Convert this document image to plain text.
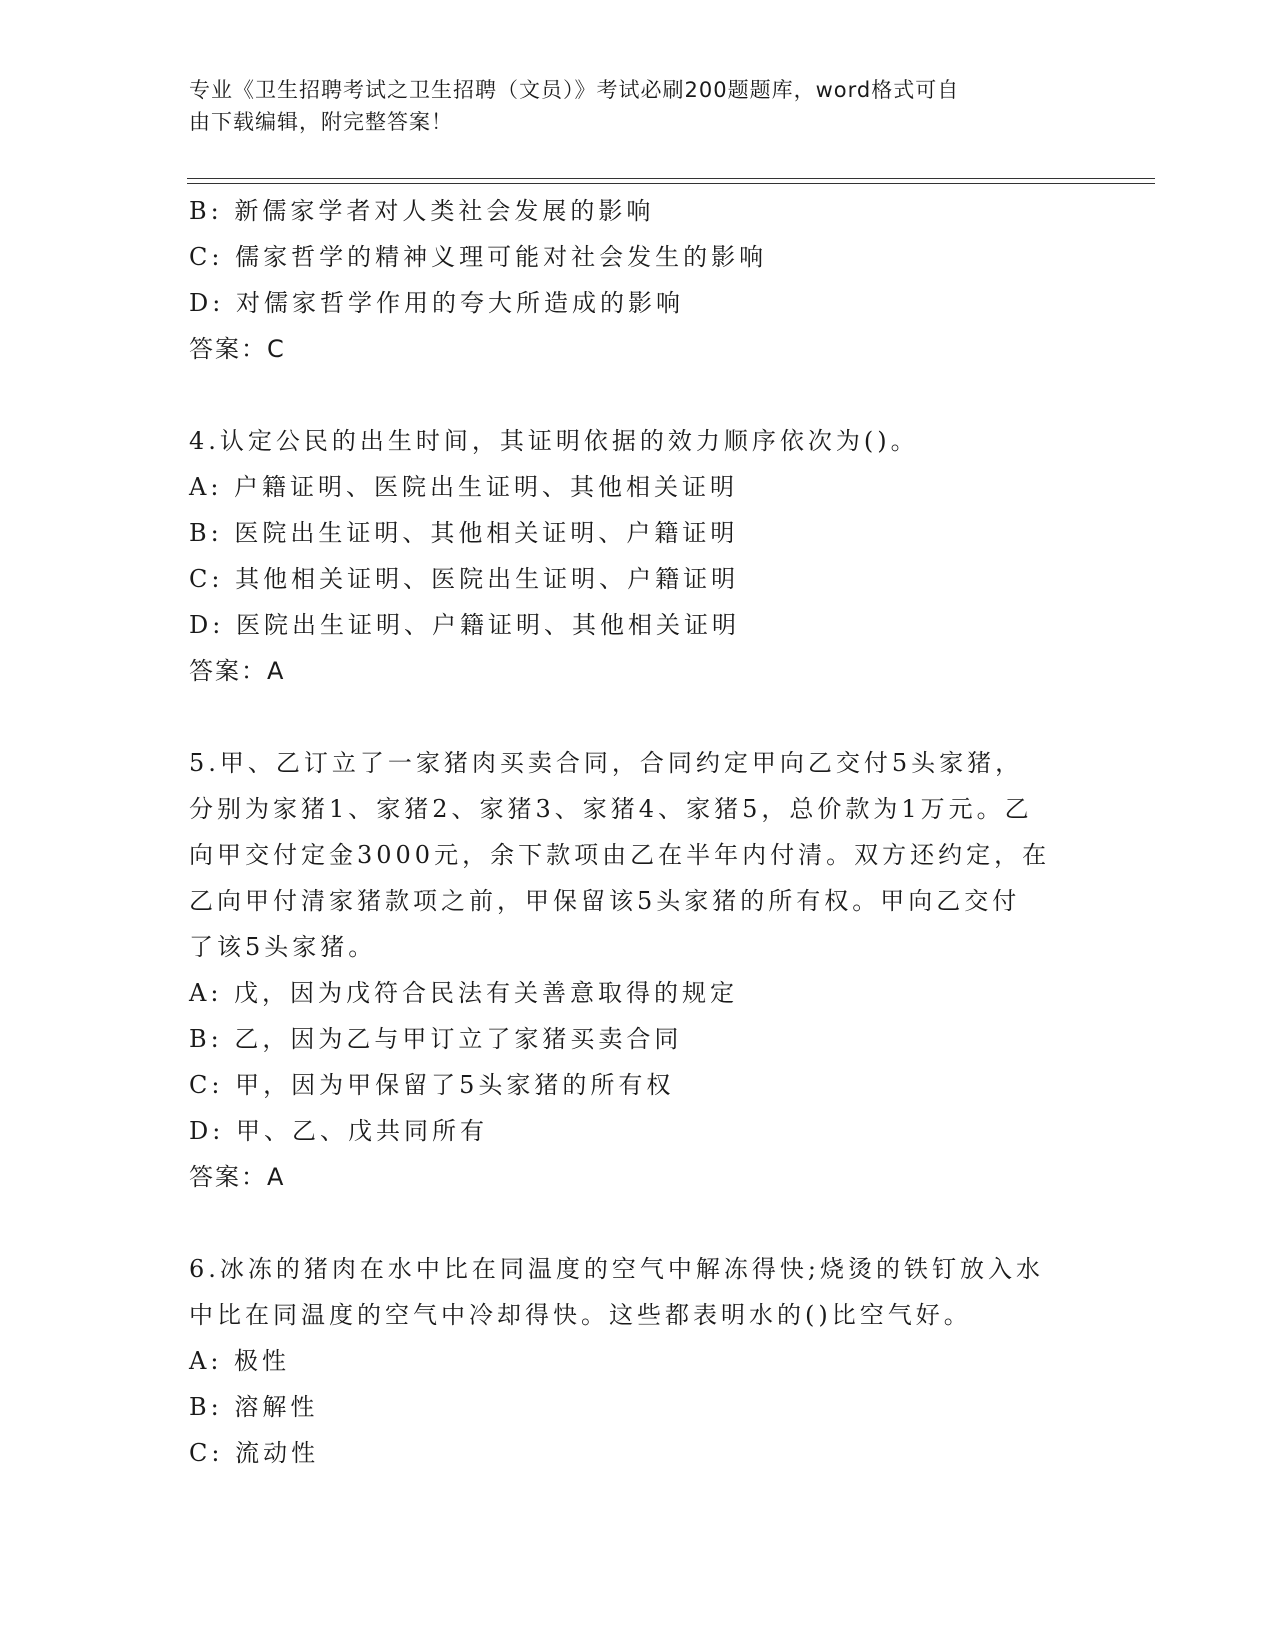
专业《卫生招聘考试之卫生招聘（文员）》考试必刷200题题库，word格式可自
由下载编辑，附完整答案！
B: 新儒家学者对人类社会发展的影响
C: 儒家哲学的精神义理可能对社会发生的影响
D: 对儒家哲学作用的夸大所造成的影响
答案：C
4.认定公民的出生时间，其证明依据的效力顺序依次为()。
A: 户籍证明、医院出生证明、其他相关证明
B: 医院出生证明、其他相关证明、户籍证明
C: 其他相关证明、医院出生证明、户籍证明
D: 医院出生证明、户籍证明、其他相关证明
答案：A
5.甲、乙订立了一家猪肉买卖合同，合同约定甲向乙交付5头家猪，
分别为家猪1、家猪2、家猪3、家猪4、家猪5，总价款为1万元。乙
向甲交付定金3000元，余下款项由乙在半年内付清。双方还约定，在
乙向甲付清家猪款项之前，甲保留该5头家猪的所有权。甲向乙交付
了该5头家猪。
A: 戊，因为戊符合民法有关善意取得的规定
B: 乙，因为乙与甲订立了家猪买卖合同
C: 甲，因为甲保留了5头家猪的所有权
D: 甲、乙、戊共同所有
答案：A
6.冰冻的猪肉在水中比在同温度的空气中解冻得快;烧烫的铁钉放入水
中比在同温度的空气中冷却得快。这些都表明水的()比空气好。
A: 极性
B: 溶解性
C: 流动性
